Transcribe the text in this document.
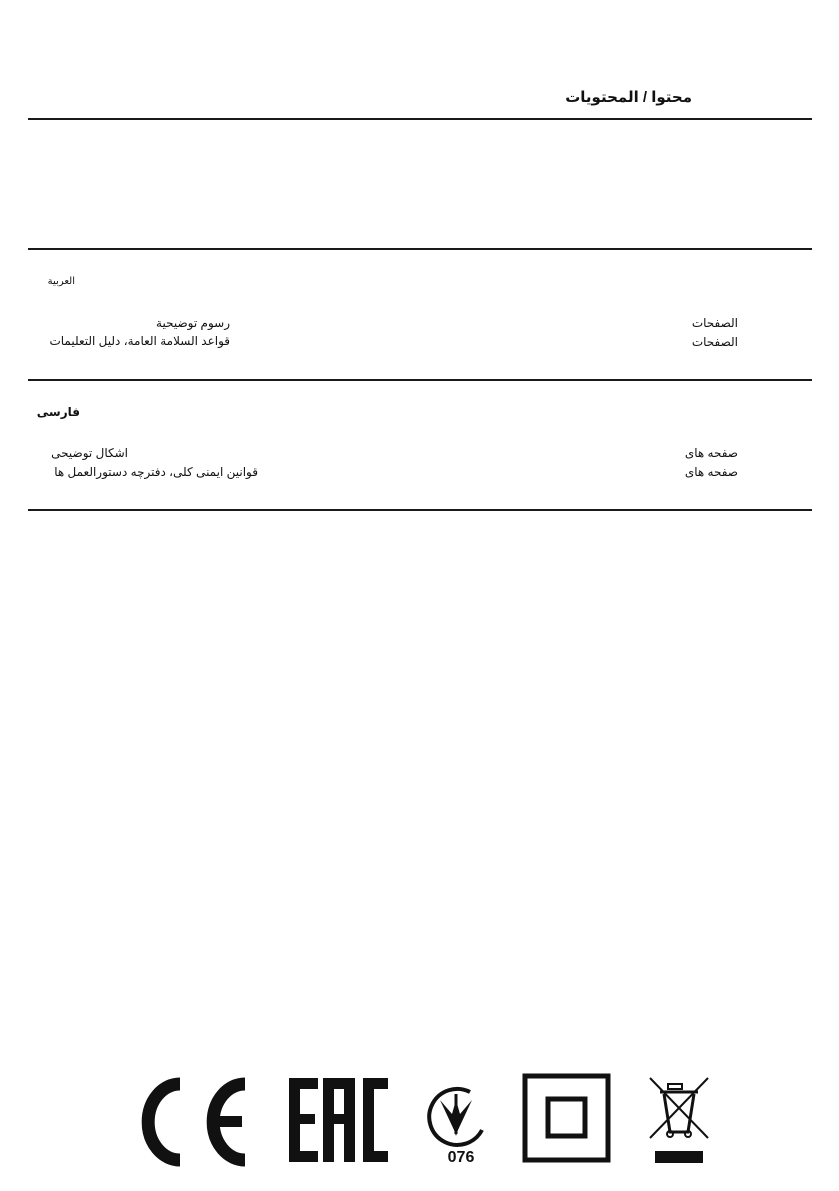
محتوا / المحتويات
العربية
رسوم توضيحية	الصفحات
قواعد السلامة العامة، دليل التعليمات	الصفحات
فارسی
اشکال توضیحی	صفحه های
قوانین ایمنی کلی، دفترچه دستورالعمل ها	صفحه های
076
